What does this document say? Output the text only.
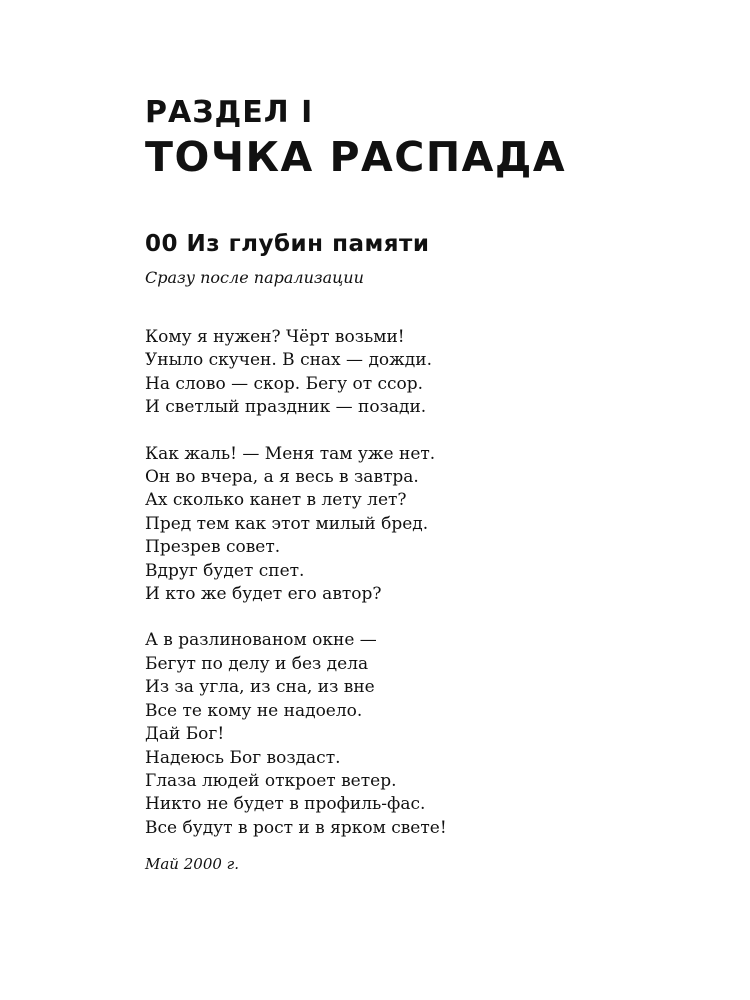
РАЗДЕЛ I
ТОЧКА РАСПАДА
00 Из глубин памяти
Сразу после парализации
Кому я нужен? Чёрт возьми!
Уныло скучен. В снах — дожди.
На слово — скор. Бегу от ссор.
И светлый праздник — позади.
Как жаль! — Меня там уже нет.
Он во вчера, а я весь в завтра.
Ах сколько канет в лету лет?
Пред тем как этот милый бред.
Презрев совет.
Вдруг будет спет.
И кто же будет его автор?
А в разлинованом окне —
Бегут по делу и без дела
Из за угла, из сна, из вне
Все те кому не надоело.
Дай Бог!
Надеюсь Бог воздаст.
Глаза людей откроет ветер.
Никто не будет в профиль-фас.
Все будут в рост и в ярком свете!
Май 2000 г.
